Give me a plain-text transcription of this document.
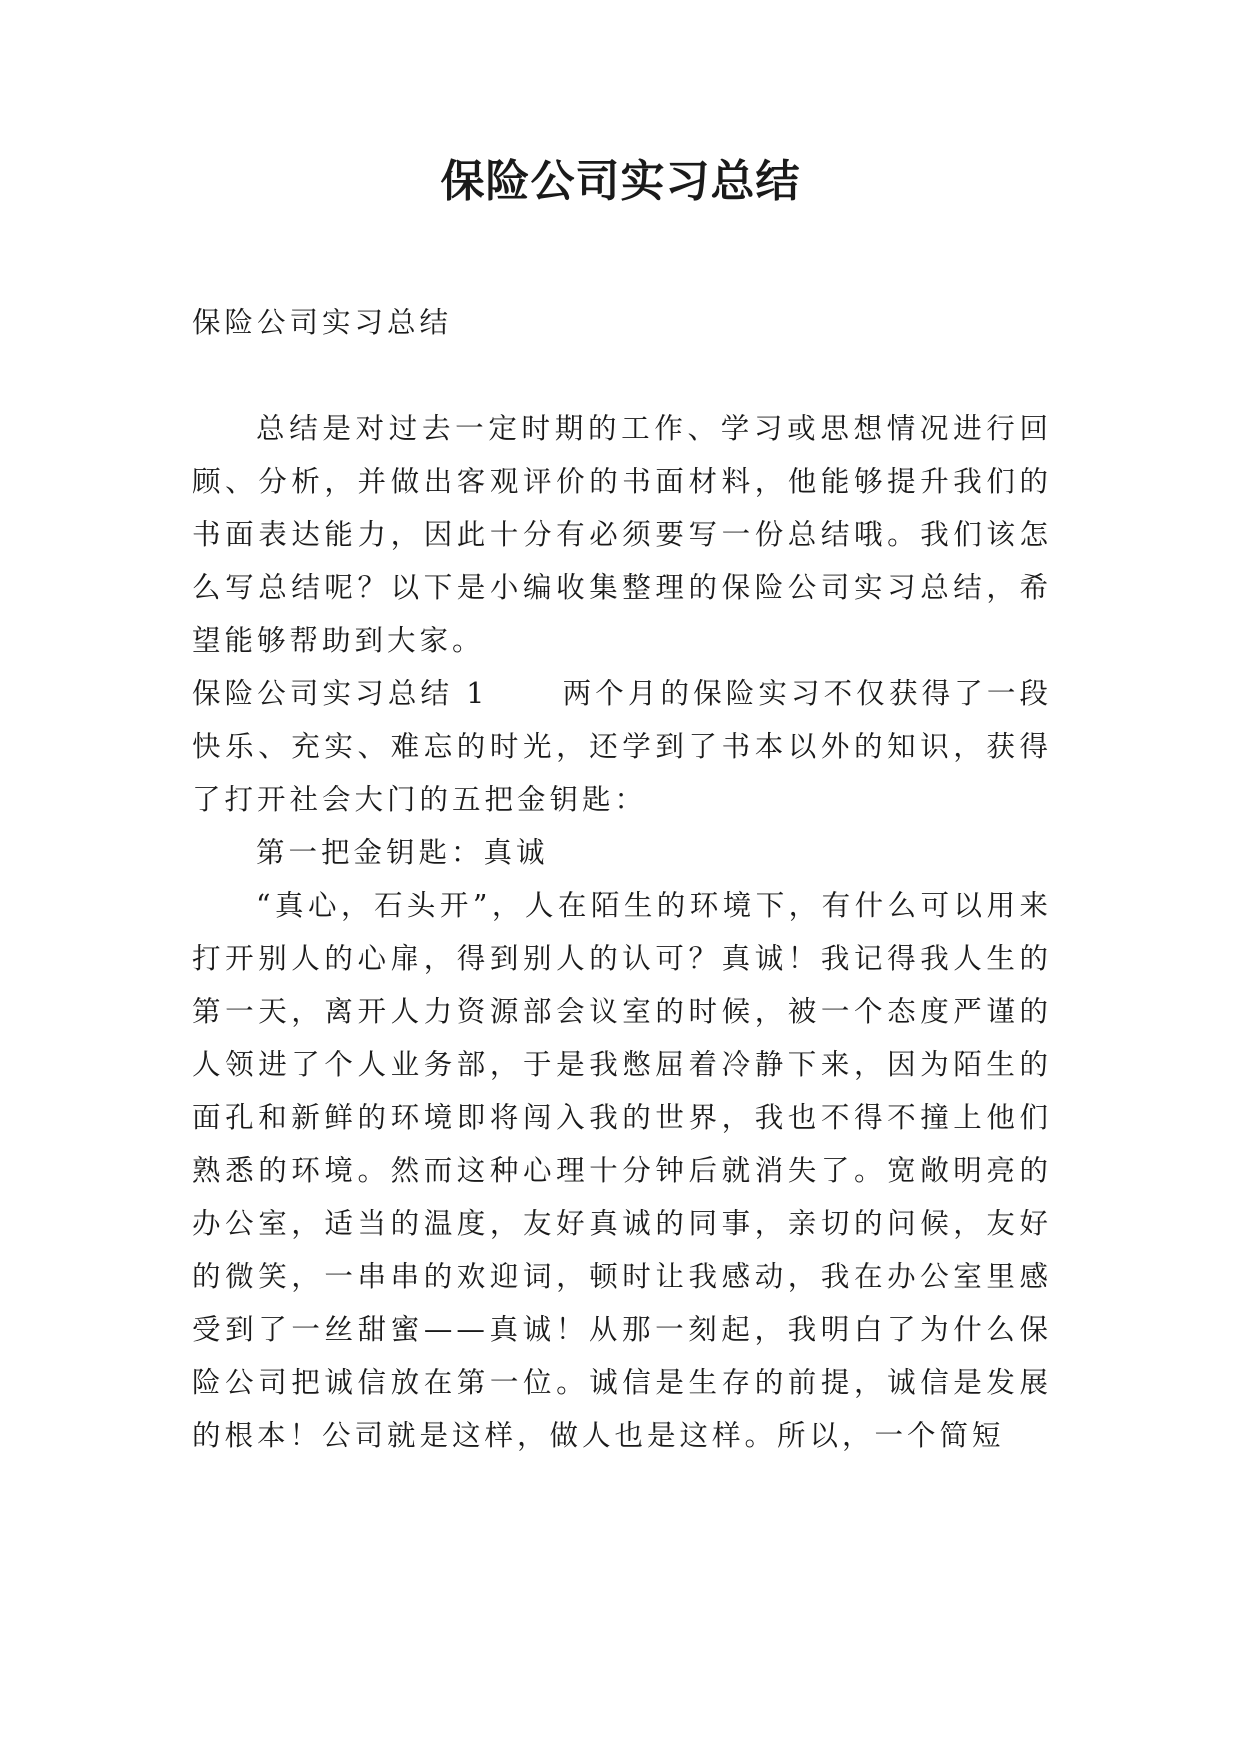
保险公司实习总结

保险公司实习总结

总结是对过去一定时期的工作、学习或思想情况进行回顾、分析，并做出客观评价的书面材料，他能够提升我们的书面表达能力，因此十分有必须要写一份总结哦。我们该怎么写总结呢？以下是小编收集整理的保险公司实习总结，希望能够帮助到大家。

保险公司实习总结 1	两个月的保险实习不仅获得了一段快乐、充实、难忘的时光，还学到了书本以外的知识，获得了打开社会大门的五把金钥匙：

第一把金钥匙：真诚

“真心，石头开”，人在陌生的环境下，有什么可以用来打开别人的心扉，得到别人的认可？真诚！我记得我人生的第一天，离开人力资源部会议室的时候，被一个态度严谨的人领进了个人业务部，于是我憋屈着冷静下来，因为陌生的面孔和新鲜的环境即将闯入我的世界，我也不得不撞上他们熟悉的环境。然而这种心理十分钟后就消失了。宽敞明亮的办公室，适当的温度，友好真诚的同事，亲切的问候，友好的微笑，一串串的欢迎词，顿时让我感动，我在办公室里感受到了一丝甜蜜——真诚！从那一刻起，我明白了为什么保险公司把诚信放在第一位。诚信是生存的前提，诚信是发展的根本！公司就是这样，做人也是这样。所以，一个简短
